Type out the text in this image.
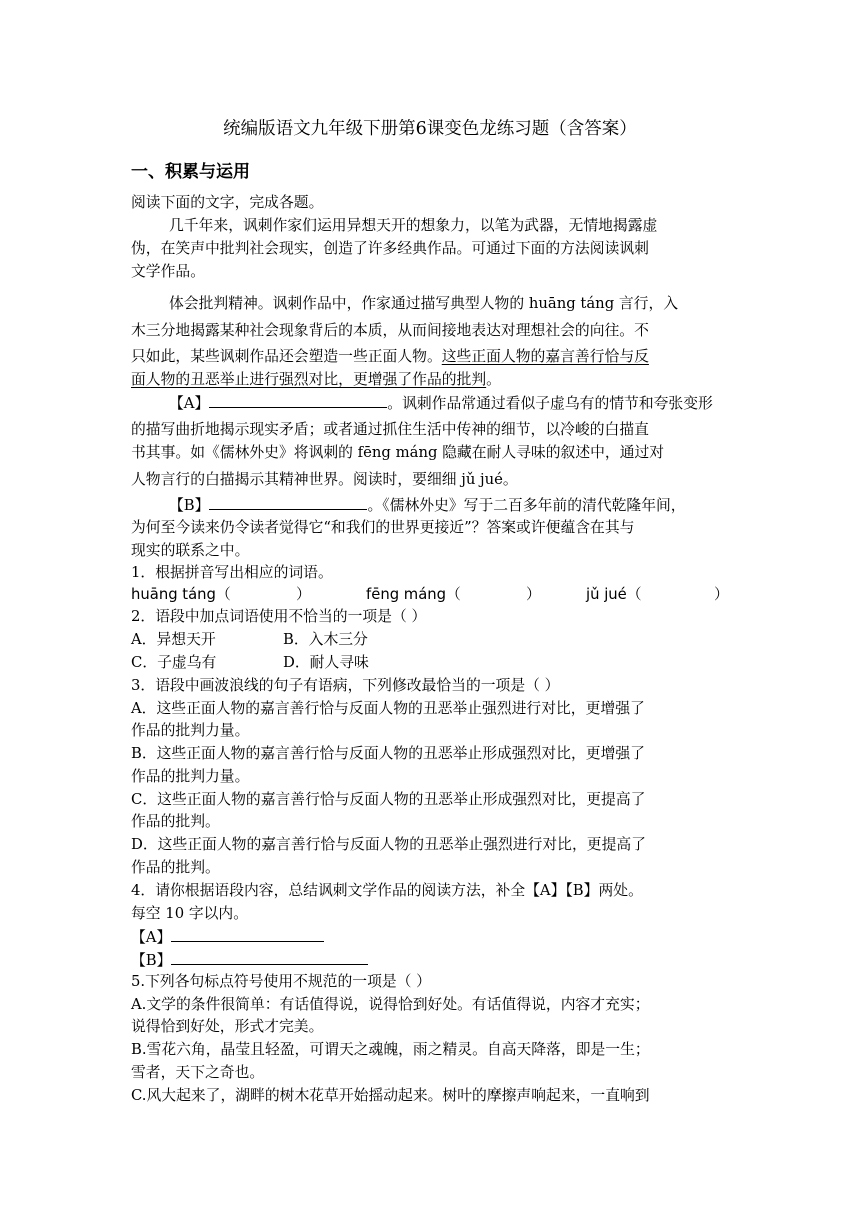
统编版语文九年级下册第6课变色龙练习题（含答案）
一、积累与运用
阅读下面的文字，完成各题。
几千年来，讽刺作家们运用异想天开的想象力，以笔为武器，无情地揭露虚
伪，在笑声中批判社会现实，创造了许多经典作品。可通过下面的方法阅读讽刺
文学作品。
体会批判精神。讽刺作品中，作家通过描写典型人物的 huāng táng 言行，入
木三分地揭露某种社会现象背后的本质，从而间接地表达对理想社会的向往。不
只如此，某些讽刺作品还会塑造一些正面人物。这些正面人物的嘉言善行恰与反
面人物的丑恶举止进行强烈对比，更增强了作品的批判。
【A】	。讽刺作品常通过看似子虚乌有的情节和夸张变形
的描写曲折地揭示现实矛盾；或者通过抓住生活中传神的细节，以冷峻的白描直
书其事。如《儒林外史》将讽刺的 fēng máng 隐藏在耐人寻味的叙述中，通过对
人物言行的白描揭示其精神世界。阅读时，要细细 jǔ jué。
【B】	。《儒林外史》写于二百多年前的清代乾隆年间，
为何至今读来仍令读者觉得它“和我们的世界更接近”？答案或许便蕴含在其与
现实的联系之中。
1．根据拼音写出相应的词语。
huāng táng（	）	fēng máng（	）	jǔ jué（	）
2．语段中加点词语使用不恰当的一项是（ ）
A．异想天开	B．入木三分
C．子虚乌有	D．耐人寻味
3．语段中画波浪线的句子有语病，下列修改最恰当的一项是（ ）
A．这些正面人物的嘉言善行恰与反面人物的丑恶举止强烈进行对比，更增强了
作品的批判力量。
B．这些正面人物的嘉言善行恰与反面人物的丑恶举止形成强烈对比，更增强了
作品的批判力量。
C．这些正面人物的嘉言善行恰与反面人物的丑恶举止形成强烈对比，更提高了
作品的批判。
D．这些正面人物的嘉言善行恰与反面人物的丑恶举止强烈进行对比，更提高了
作品的批判。
4．请你根据语段内容，总结讽刺文学作品的阅读方法，补全【A】【B】两处。
每空 10 字以内。
【A】
【B】
5.下列各句标点符号使用不规范的一项是（ ）
A.文学的条件很简单：有话值得说，说得恰到好处。有话值得说，内容才充实；
说得恰到好处，形式才完美。
B.雪花六角，晶莹且轻盈，可谓天之魂魄，雨之精灵。自高天降落，即是一生；
雪者，天下之奇也。
C.风大起来了，湖畔的树木花草开始摇动起来。树叶的摩擦声响起来，一直响到
